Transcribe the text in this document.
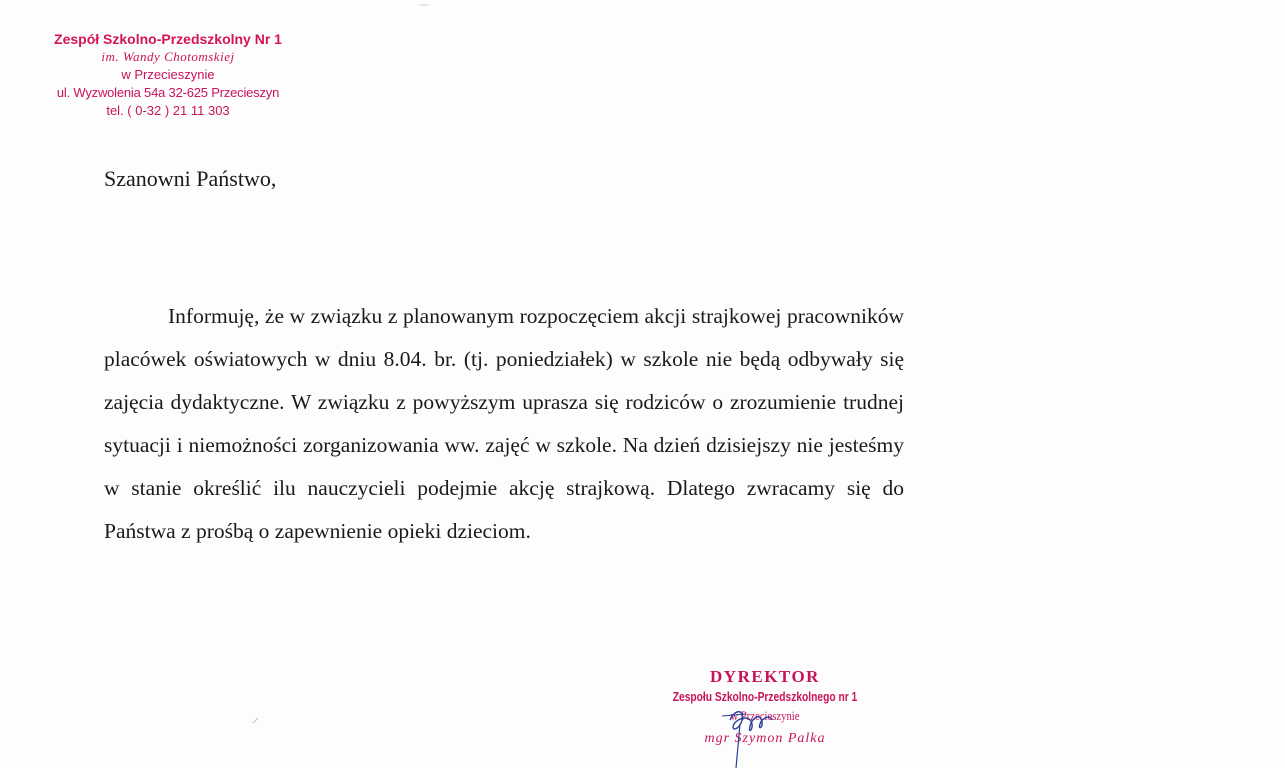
Zespół Szkolno-Przedszkolny Nr 1
im. Wandy Chotomskiej
w Przecieszynie
ul. Wyzwolenia 54a 32-625 Przecieszyn
tel. ( 0-32 ) 21 11 303

Szanowni Państwo,

Informuję, że w związku z planowanym rozpoczęciem akcji strajkowej pracowników placówek oświatowych w dniu 8.04. br. (tj. poniedziałek) w szkole nie będą odbywały się zajęcia dydaktyczne. W związku z powyższym upraszа się rodziców o zrozumienie trudnej sytuacji i niemożności zorganizowania ww. zajęć w szkole. Na dzień dzisiejszy nie jesteśmy w stanie określić ilu nauczycieli podejmie akcję strajkową. Dlatego zwracamy się do Państwa z prośbą o zapewnienie opieki dzieciom.

DYREKTOR
Zespołu Szkolno-Przedszkolnego nr 1
w Przecieszynie
mgr Szymon Palka
